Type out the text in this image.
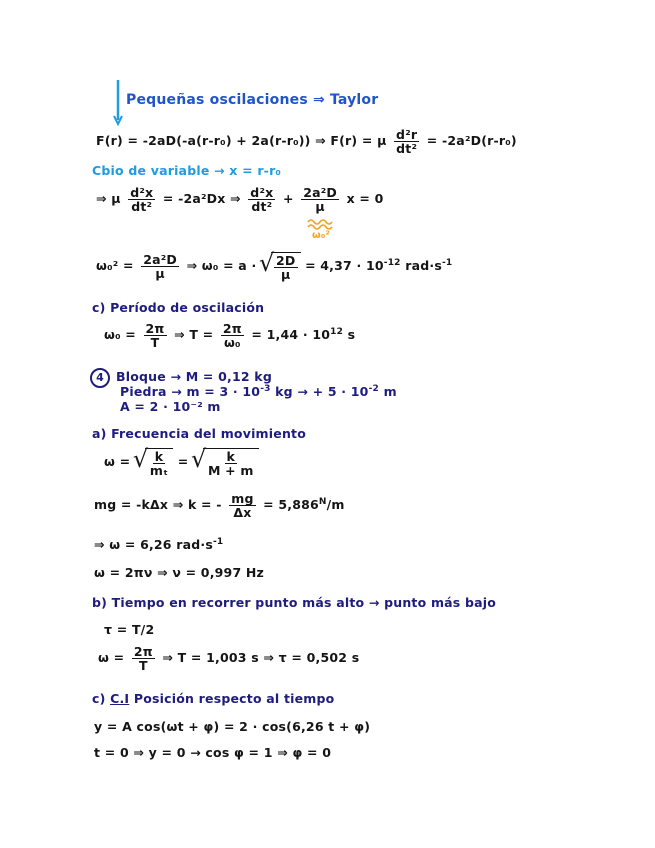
Pequeñas oscilaciones ⇒ Taylor
F(r) = -2aD(-a(r-r₀) + 2a(r-r₀)) ⇒ F(r) = μ $\frac{\text{d²r}}{\text{dt²}} = -2a^2D(r-r_0)$
Cbio de variable → x = r-r₀
⇒ μ $\frac{\text{d²x}}{\text{dt²}} = -2a^2Dx$ ⇒ $\frac{\text{d²x}}{\text{dt²}} + \frac{\text{2a²D}}{\mu}$ x = 0
ω₀²
$\omega_0^2 = \frac{\text{2a²D}}{\mu}$ ⇒ ω₀ = a · √ $\frac{2D}{\mu} = 4,37 \cdot 10^{-12}$ $rad\cdot s^{-1}$
c) Período de oscilación
$\omega_0 = \frac{2\pi}{T}$ ⇒ $T = \frac{2\pi}{\text{ω₀}} = 1,44 \cdot 10^{12}$ s
4 Bloque → M = 0,12 kg
Piedra → $m = 3 \cdot 10^{-3}$ kg → + $5 \cdot 10^{-2}$ m
A = 2 · 10⁻² m
a) Frecuencia del movimiento
ω = √ $\frac{k}{\text{mₜ}}$ = √ $\frac{k}{M + m}$
mg = -kΔx ⇒ k = - $\frac{mg}{\Delta x} = 5,886^N/m$
⇒ ω = 6,26 $rad\cdot s^{-1}$
ω = 2πν ⇒ ν = 0,997 Hz
b) Tiempo en recorrer punto más alto → punto más bajo
τ = T/2
$\omega = \frac{2\pi}{T}$ ⇒ T = 1,003 s ⇒ τ = 0,502 s
c) C.I Posición respecto al tiempo
y = A cos(ωt + φ) = 2 · cos(6,26 t + φ)
t = 0 ⇒ y = 0 → cos φ = 1 ⇒ φ = 0
